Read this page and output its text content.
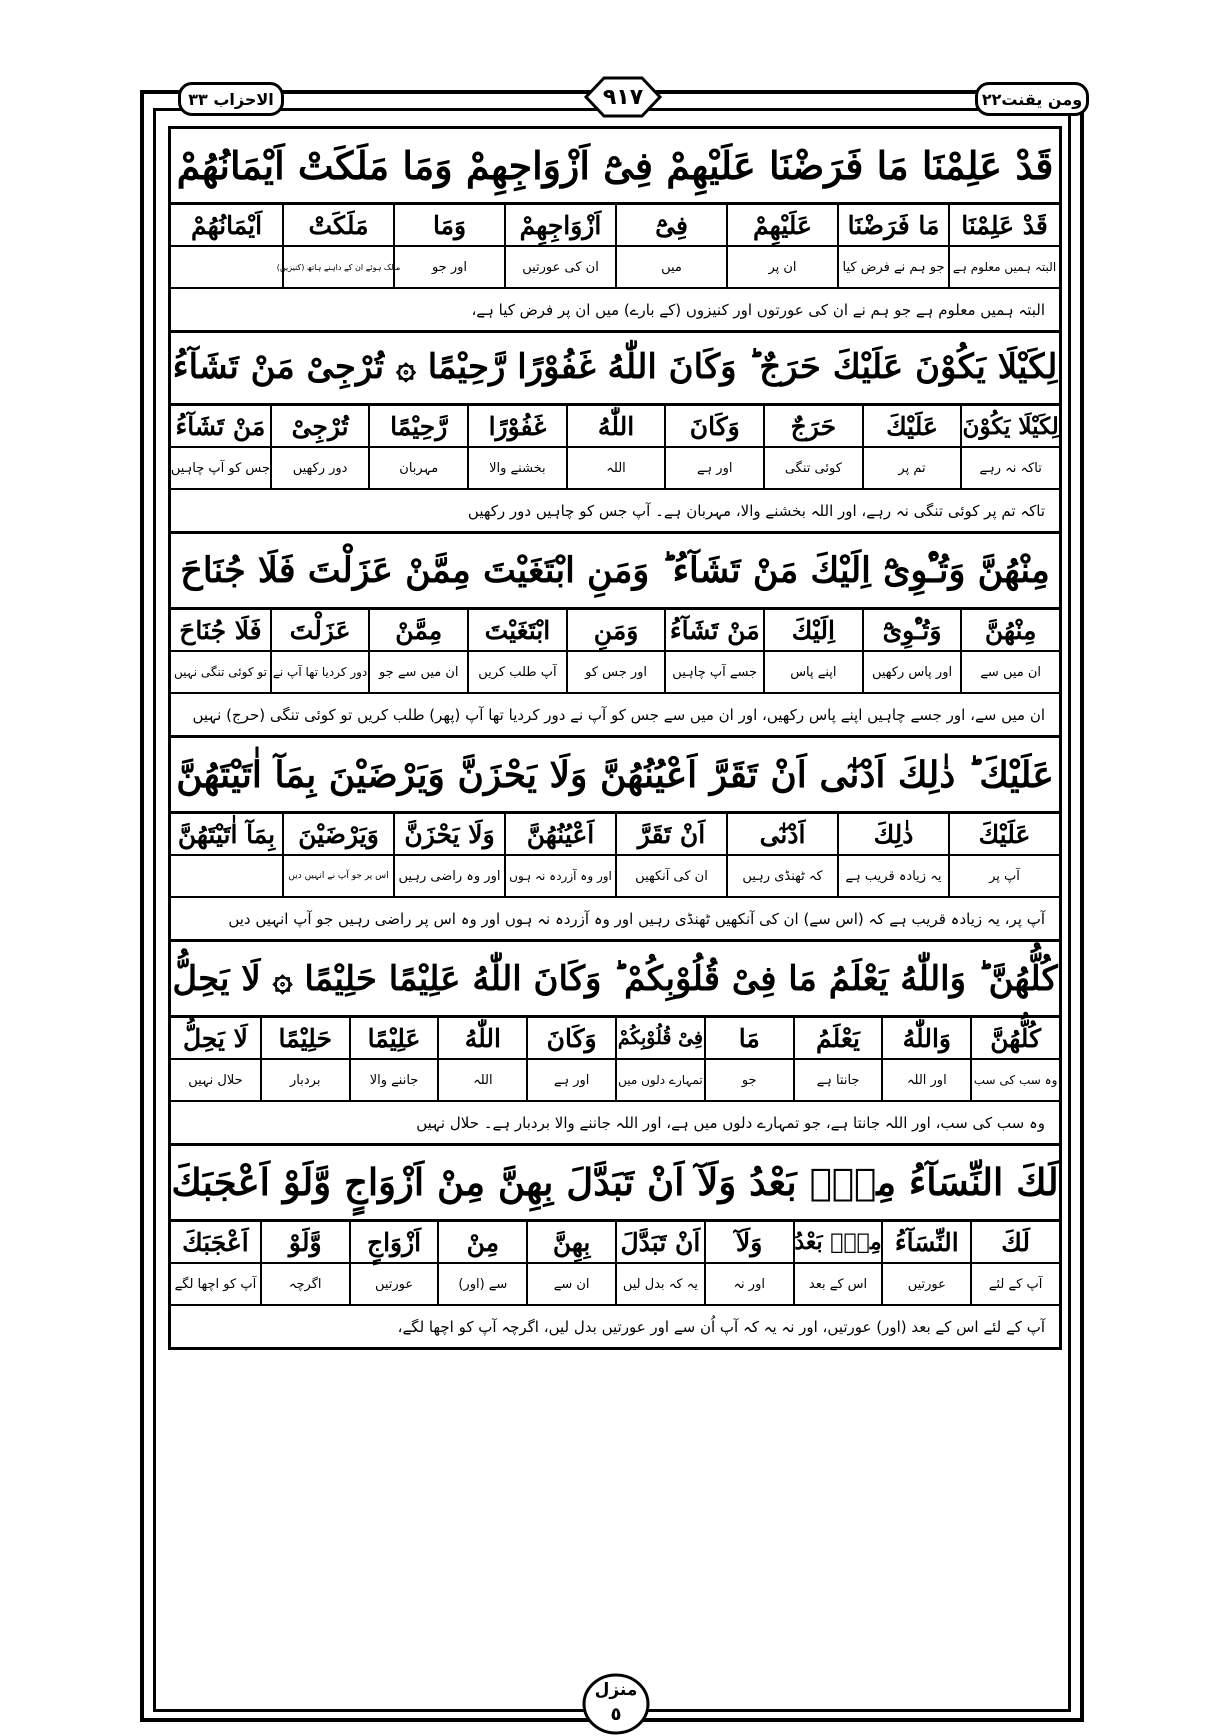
الاحزاب ٣٣	٩١٧	ومن یقنت٢٢
قَدْ عَلِمْنَا مَا فَرَضْنَا عَلَیْهِمْ فِیْٓ اَزْوَاجِهِمْ وَمَا مَلَكَتْ اَیْمَانُهُمْ
قَدْ عَلِمْنَا
مَا فَرَضْنَا
عَلَیْهِمْ
فِیْٓ
اَزْوَاجِهِمْ
وَمَا
مَلَكَتْ
اَیْمَانُهُمْ
البتہ ہمیں معلوم ہے
جو ہم نے فرض کیا
ان پر
میں
ان کی عورتیں
اور جو
مالک ہوئے ان کے داہنے ہاتھ (کنیزیں)
البتہ ہمیں معلوم ہے جو ہم نے ان کی عورتوں اور کنیزوں (کے بارے) میں ان پر فرض کیا ہے،
لِكَیْلَا یَكُوْنَ عَلَیْكَ حَرَجٌ ؕ وَكَانَ اللّٰهُ غَفُوْرًا رَّحِیْمًا ۞ تُرْجِیْ مَنْ تَشَآءُ
لِكَیْلَا یَكُوْنَ
عَلَیْكَ
حَرَجٌ
وَكَانَ
اللّٰهُ
غَفُوْرًا
رَّحِیْمًا
تُرْجِیْ
مَنْ تَشَآءُ
تاکہ نہ رہے
تم پر
کوئی تنگی
اور ہے
اللہ
بخشنے والا
مہربان
دور رکھیں
جس کو آپ چاہیں
تاکہ تم پر کوئی تنگی نہ رہے، اور اللہ بخشنے والا، مہربان ہے۔ آپ جس کو چاہیں دور رکھیں
مِنْهُنَّ وَتُـْٔوِیْٓ اِلَیْكَ مَنْ تَشَآءُ ؕ وَمَنِ ابْتَغَیْتَ مِمَّنْ عَزَلْتَ فَلَا جُنَاحَ
مِنْهُنَّ
وَتُـْٔوِیْٓ
اِلَیْكَ
مَنْ تَشَآءُ
وَمَنِ
ابْتَغَیْتَ
مِمَّنْ
عَزَلْتَ
فَلَا جُنَاحَ
ان میں سے
اور پاس رکھیں
اپنے پاس
جسے آپ چاہیں
اور جس کو
آپ طلب کریں
ان میں سے جو
دور کردیا تھا آپ نے
تو کوئی تنگی نہیں
ان میں سے، اور جسے چاہیں اپنے پاس رکھیں، اور ان میں سے جس کو آپ نے دور کردیا تھا آپ (پھر) طلب کریں تو کوئی تنگی (حرج) نہیں
عَلَیْكَ ؕ ذٰلِكَ اَدْنٰٓی اَنْ تَقَرَّ اَعْیُنُهُنَّ وَلَا یَحْزَنَّ وَیَرْضَیْنَ بِمَآ اٰتَیْتَهُنَّ
عَلَیْكَ
ذٰلِكَ
اَدْنٰٓی
اَنْ تَقَرَّ
اَعْیُنُهُنَّ
وَلَا یَحْزَنَّ
وَیَرْضَیْنَ
بِمَآ اٰتَیْتَهُنَّ
آپ پر
یہ زیادہ قریب ہے
کہ ٹھنڈی رہیں
ان کی آنکھیں
اور وہ آزردہ نہ ہوں
اور وہ راضی رہیں
اس پر جو آپ نے انہیں دیں
آپ پر، یہ زیادہ قریب ہے کہ (اس سے) ان کی آنکھیں ٹھنڈی رہیں اور وہ آزردہ نہ ہوں اور وہ اس پر راضی رہیں جو آپ انہیں دیں
كُلُّهُنَّ ؕ وَاللّٰهُ یَعْلَمُ مَا فِیْ قُلُوْبِكُمْ ؕ وَكَانَ اللّٰهُ عَلِیْمًا حَلِیْمًا ۞ لَا یَحِلُّ
كُلُّهُنَّ
وَاللّٰهُ
یَعْلَمُ
مَا
فِیْ قُلُوْبِكُمْ
وَكَانَ
اللّٰهُ
عَلِیْمًا
حَلِیْمًا
لَا یَحِلُّ
وہ سب کی سب
اور اللہ
جانتا ہے
جو
تمہارے دلوں میں
اور ہے
اللہ
جاننے والا
بردبار
حلال نہیں
وہ سب کی سب، اور اللہ جانتا ہے، جو تمہارے دلوں میں ہے، اور اللہ جاننے والا بردبار ہے۔ حلال نہیں
لَكَ النِّسَآءُ مِنْۢ بَعْدُ وَلَآ اَنْ تَبَدَّلَ بِهِنَّ مِنْ اَزْوَاجٍ وَّلَوْ اَعْجَبَكَ
لَكَ
النِّسَآءُ
مِنْۢ بَعْدُ
وَلَآ
اَنْ تَبَدَّلَ
بِهِنَّ
مِنْ
اَزْوَاجٍ
وَّلَوْ
اَعْجَبَكَ
آپ کے لئے
عورتیں
اس کے بعد
اور نہ
یہ کہ بدل لیں
ان سے
سے (اور)
عورتیں
اگرچہ
آپ کو اچھا لگے
آپ کے لئے اس کے بعد (اور) عورتیں، اور نہ یہ کہ آپ اُن سے اور عورتیں بدل لیں، اگرچہ آپ کو اچھا لگے،
منزل
٥
